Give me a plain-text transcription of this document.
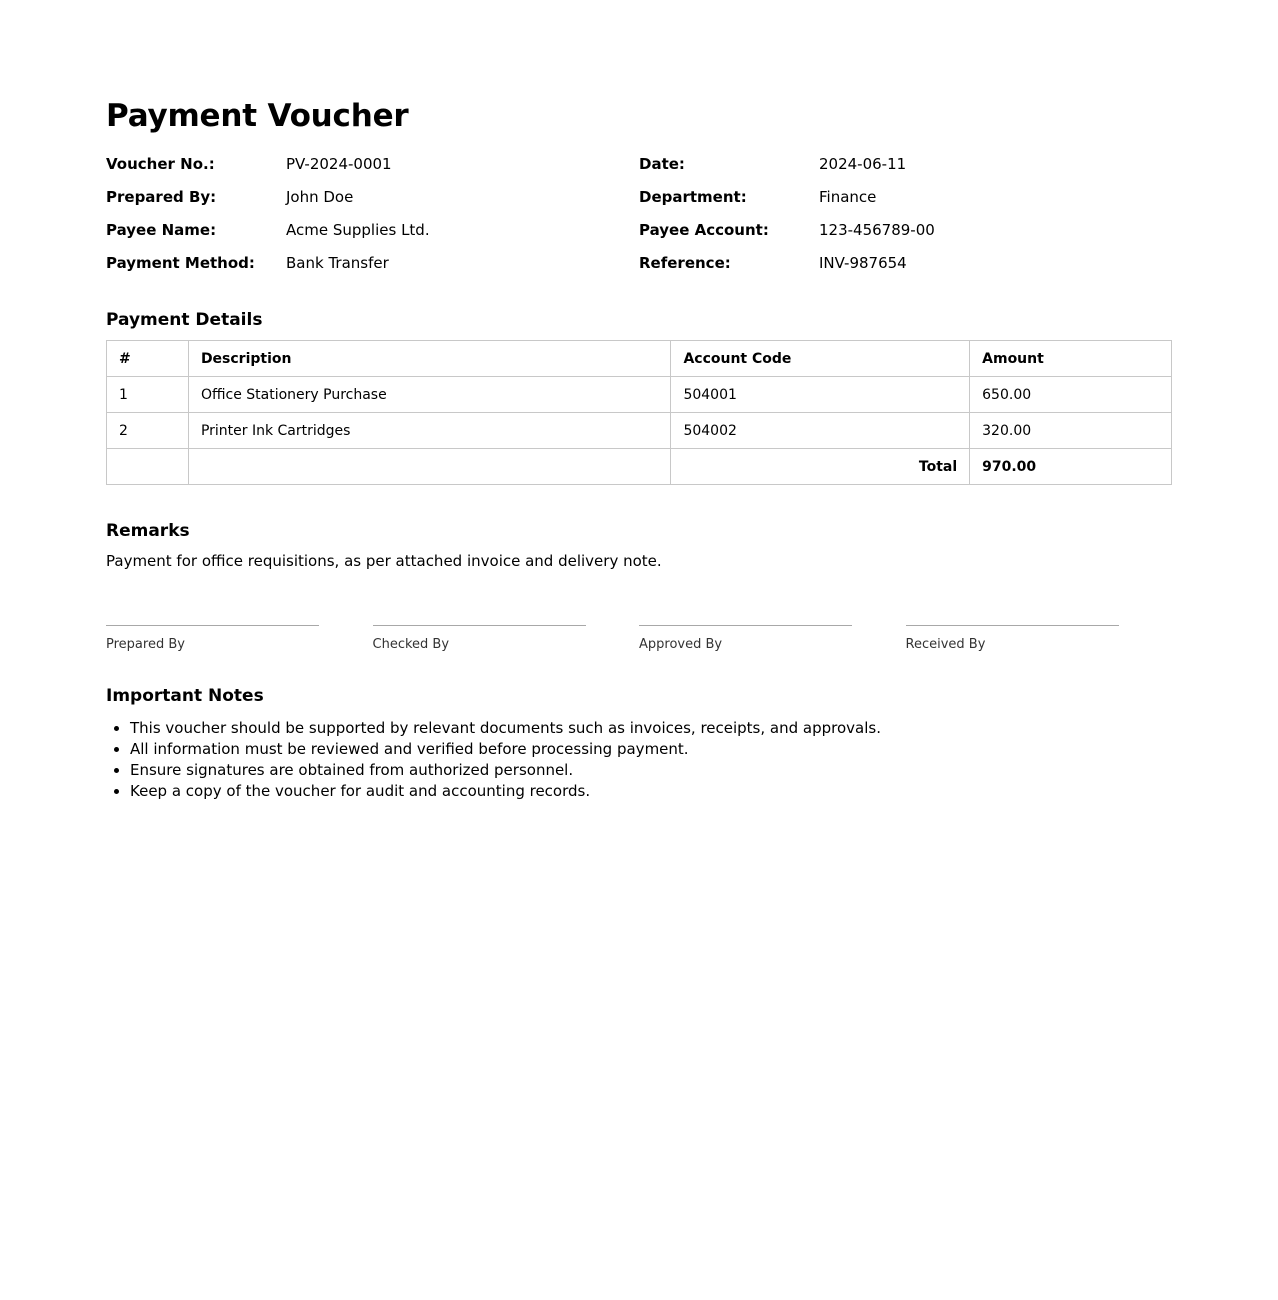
Payment Voucher
Voucher No.:	PV-2024-0001	Date:	2024-06-11
Prepared By:	John Doe	Department:	Finance
Payee Name:	Acme Supplies Ltd.	Payee Account:	123-456789-00
Payment Method:	Bank Transfer	Reference:	INV-987654
Payment Details
#	Description	Account Code	Amount
1	Office Stationery Purchase	504001	650.00
2	Printer Ink Cartridges	504002	320.00
		Total	970.00
Remarks
Payment for office requisitions, as per attached invoice and delivery note.
Prepared By	Checked By	Approved By	Received By
Important Notes
• This voucher should be supported by relevant documents such as invoices, receipts, and approvals.
• All information must be reviewed and verified before processing payment.
• Ensure signatures are obtained from authorized personnel.
• Keep a copy of the voucher for audit and accounting records.
